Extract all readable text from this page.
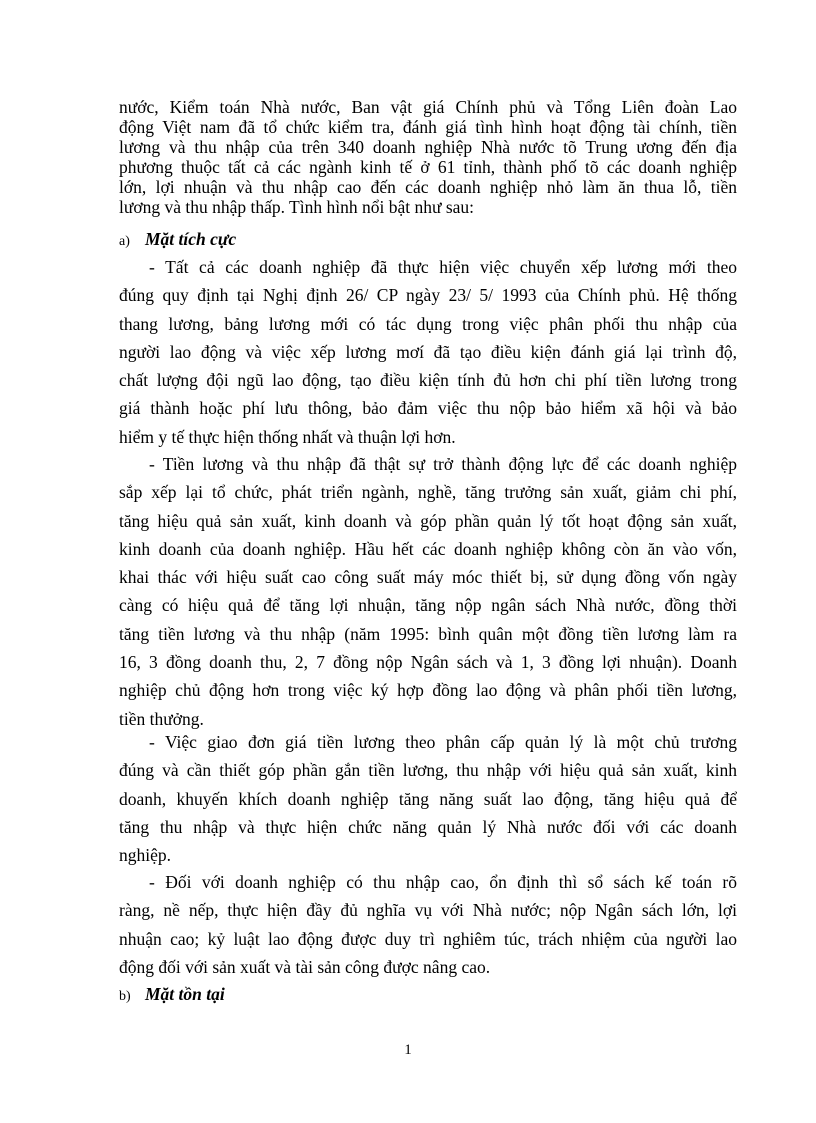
nước, Kiểm toán Nhà nước, Ban vật giá Chính phủ và Tổng Liên đoàn Lao
động Việt nam đã tổ chức kiểm tra, đánh giá tình hình hoạt động tài chính, tiền
lương và thu nhập của trên 340 doanh nghiệp Nhà nước tõ Trung ương đến địa
phương thuộc tất cả các ngành kinh tế ở 61 tỉnh, thành phố tõ các doanh nghiệp
lớn, lợi nhuận và thu nhập cao đến các doanh nghiệp nhỏ làm ăn thua lỗ, tiền
lương và thu nhập thấp. Tình hình nổi bật như sau:
a) Mặt tích cực
- Tất cả các doanh nghiệp đã thực hiện việc chuyển xếp lương mới theo
đúng quy định tại Nghị định 26/ CP ngày 23/ 5/ 1993 của Chính phủ. Hệ thống
thang lương, bảng lương mới có tác dụng trong việc phân phối thu nhập của
người lao động và việc xếp lương mơí đã tạo điều kiện đánh giá lại trình độ,
chất lượng đội ngũ lao động, tạo điều kiện tính đủ hơn chi phí tiền lương trong
giá thành hoặc phí lưu thông, bảo đảm việc thu nộp bảo hiểm xã hội và bảo
hiểm y tế thực hiện thống nhất và thuận lợi hơn.
- Tiền lương và thu nhập đã thật sự trở thành động lực để các doanh nghiệp
sắp xếp lại tổ chức, phát triển ngành, nghề, tăng trưởng sản xuất, giảm chi phí,
tăng hiệu quả sản xuất, kinh doanh và góp phần quản lý tốt hoạt động sản xuất,
kinh doanh của doanh nghiệp. Hầu hết các doanh nghiệp không còn ăn vào vốn,
khai thác với hiệu suất cao công suất máy móc thiết bị, sử dụng đồng vốn ngày
càng có hiệu quả để tăng lợi nhuận, tăng nộp ngân sách Nhà nước, đồng thời
tăng tiền lương và thu nhập (năm 1995: bình quân một đồng tiền lương làm ra
16, 3 đồng doanh thu, 2, 7 đồng nộp Ngân sách và 1, 3 đồng lợi nhuận). Doanh
nghiệp chủ động hơn trong việc ký hợp đồng lao động và phân phối tiền lương,
tiền thưởng.
- Việc giao đơn giá tiền lương theo phân cấp quản lý là một chủ trương
đúng và cần thiết góp phần gắn tiền lương, thu nhập với hiệu quả sản xuất, kinh
doanh, khuyến khích doanh nghiệp tăng năng suất lao động, tăng hiệu quả để
tăng thu nhập và thực hiện chức năng quản lý Nhà nước đối với các doanh
nghiệp.
- Đối với doanh nghiệp có thu nhập cao, ổn định thì sổ sách kế toán rõ
ràng, nề nếp, thực hiện đầy đủ nghĩa vụ với Nhà nước; nộp Ngân sách lớn, lợi
nhuận cao; kỷ luật lao động được duy trì nghiêm túc, trách nhiệm của người lao
động đối với sản xuất và tài sản công được nâng cao.
b) Mặt tồn tại
1
